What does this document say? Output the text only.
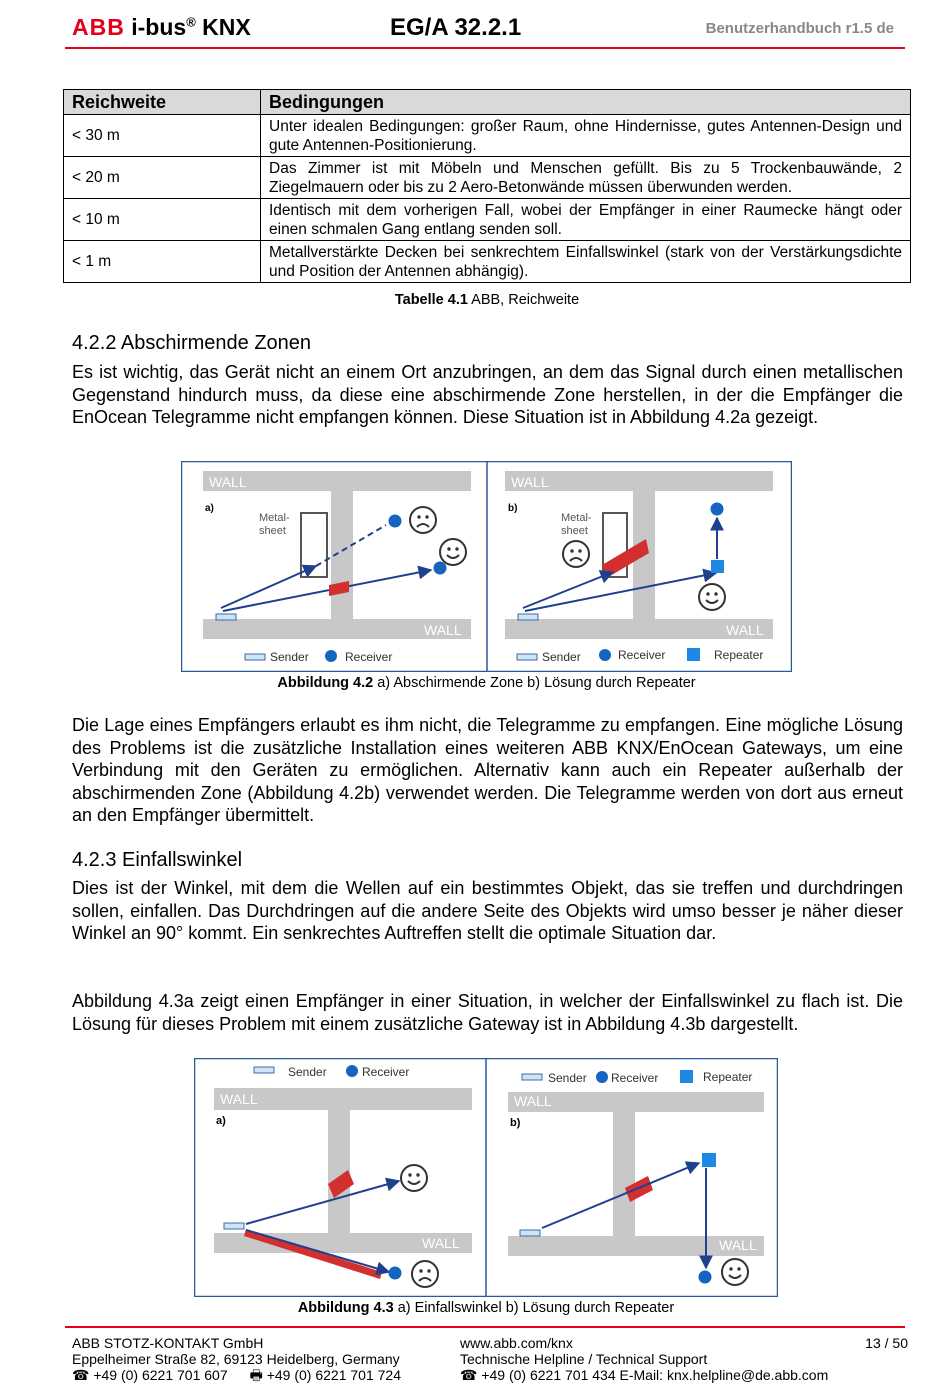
ABB i-bus® KNX	EG/A 32.2.1	Benutzerhandbuch r1.5 de
Reichweite	Bedingungen
< 30 m	Unter idealen Bedingungen: großer Raum, ohne Hindernisse, gutes Antennen-Design und gute Antennen-Positionierung.
< 20 m	Das Zimmer ist mit Möbeln und Menschen gefüllt. Bis zu 5 Trockenbauwände, 2 Ziegelmauern oder bis zu 2 Aero-Betonwände müssen überwunden werden.
< 10 m	Identisch mit dem vorherigen Fall, wobei der Empfänger in einer Raumecke hängt oder einen schmalen Gang entlang senden soll.
< 1 m	Metallverstärkte Decken bei senkrechtem Einfallswinkel (stark von der Verstärkungsdichte und Position der Antennen abhängig).
Tabelle 4.1 ABB, Reichweite
4.2.2 Abschirmende Zonen
Es ist wichtig, das Gerät nicht an einem Ort anzubringen, an dem das Signal durch einen metallischen Gegenstand hindurch muss, da diese eine abschirmende Zone herstellen, in der die Empfänger die EnOcean Telegramme nicht empfangen können. Diese Situation ist in Abbildung 4.2a gezeigt.
WALL
WALL
a)
Metal-
sheet
Sender	Receiver
WALL
WALL
b)
Metal-
sheet
Sender	Receiver	Repeater
Abbildung 4.2 a) Abschirmende Zone b) Lösung durch Repeater
Die Lage eines Empfängers erlaubt es ihm nicht, die Telegramme zu empfangen. Eine mögliche Lösung des Problems ist die zusätzliche Installation eines weiteren ABB KNX/EnOcean Gateways, um eine Verbindung mit den Geräten zu ermöglichen. Alternativ kann auch ein Repeater außerhalb der abschirmenden Zone (Abbildung 4.2b) verwendet werden. Die Telegramme werden von dort aus erneut an den Empfänger übermittelt.
4.2.3 Einfallswinkel
Dies ist der Winkel, mit dem die Wellen auf ein bestimmtes Objekt, das sie treffen und durchdringen sollen, einfallen. Das Durchdringen auf die andere Seite des Objekts wird umso besser je näher dieser Winkel an 90° kommt. Ein senkrechtes Auftreffen stellt die optimale Situation dar.
Abbildung 4.3a zeigt einen Empfänger in einer Situation, in welcher der Einfallswinkel zu flach ist. Die Lösung für dieses Problem mit einem zusätzliche Gateway ist in Abbildung 4.3b dargestellt.
Sender	Receiver
WALL
WALL
a)
Sender Receiver	Repeater
WALL
WALL
b)
Abbildung 4.3 a) Einfallswinkel b) Lösung durch Repeater
ABB STOTZ-KONTAKT GmbH
Eppelheimer Straße 82, 69123 Heidelberg, Germany
☎ +49 (0) 6221 701 607 🖶 +49 (0) 6221 701 724
www.abb.com/knx
Technische Helpline / Technical Support
☎ +49 (0) 6221 701 434 E-Mail: knx.helpline@de.abb.com
13 / 50
